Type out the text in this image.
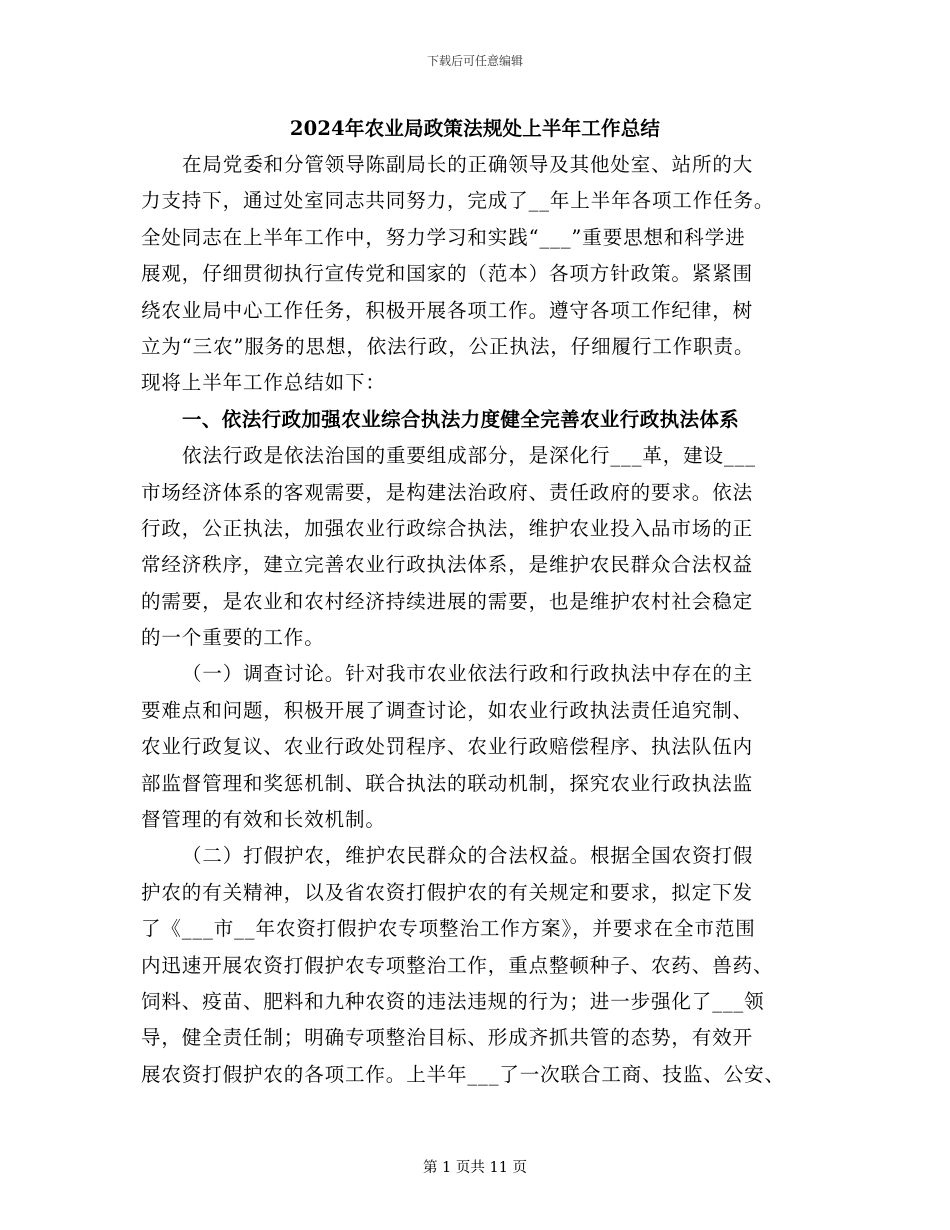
下载后可任意编辑
2024年农业局政策法规处上半年工作总结
在局党委和分管领导陈副局长的正确领导及其他处室、站所的大
力支持下，通过处室同志共同努力，完成了__年上半年各项工作任务。
全处同志在上半年工作中，努力学习和实践“___”重要思想和科学进
展观，仔细贯彻执行宣传党和国家的（范本）各项方针政策。紧紧围
绕农业局中心工作任务，积极开展各项工作。遵守各项工作纪律，树
立为“三农”服务的思想，依法行政，公正执法，仔细履行工作职责。
现将上半年工作总结如下：
一、依法行政加强农业综合执法力度健全完善农业行政执法体系
依法行政是依法治国的重要组成部分，是深化行___革，建设___
市场经济体系的客观需要，是构建法治政府、责任政府的要求。依法
行政，公正执法，加强农业行政综合执法，维护农业投入品市场的正
常经济秩序，建立完善农业行政执法体系，是维护农民群众合法权益
的需要，是农业和农村经济持续进展的需要，也是维护农村社会稳定
的一个重要的工作。
（一）调查讨论。针对我市农业依法行政和行政执法中存在的主
要难点和问题，积极开展了调查讨论，如农业行政执法责任追究制、
农业行政复议、农业行政处罚程序、农业行政赔偿程序、执法队伍内
部监督管理和奖惩机制、联合执法的联动机制，探究农业行政执法监
督管理的有效和长效机制。
（二）打假护农，维护农民群众的合法权益。根据全国农资打假
护农的有关精神，以及省农资打假护农的有关规定和要求，拟定下发
了《___市__年农资打假护农专项整治工作方案》，并要求在全市范围
内迅速开展农资打假护农专项整治工作，重点整顿种子、农药、兽药、
饲料、疫苗、肥料和九种农资的违法违规的行为；进一步强化了___领
导，健全责任制；明确专项整治目标、形成齐抓共管的态势，有效开
展农资打假护农的各项工作。上半年___了一次联合工商、技监、公安、
第 1 页共 11 页
